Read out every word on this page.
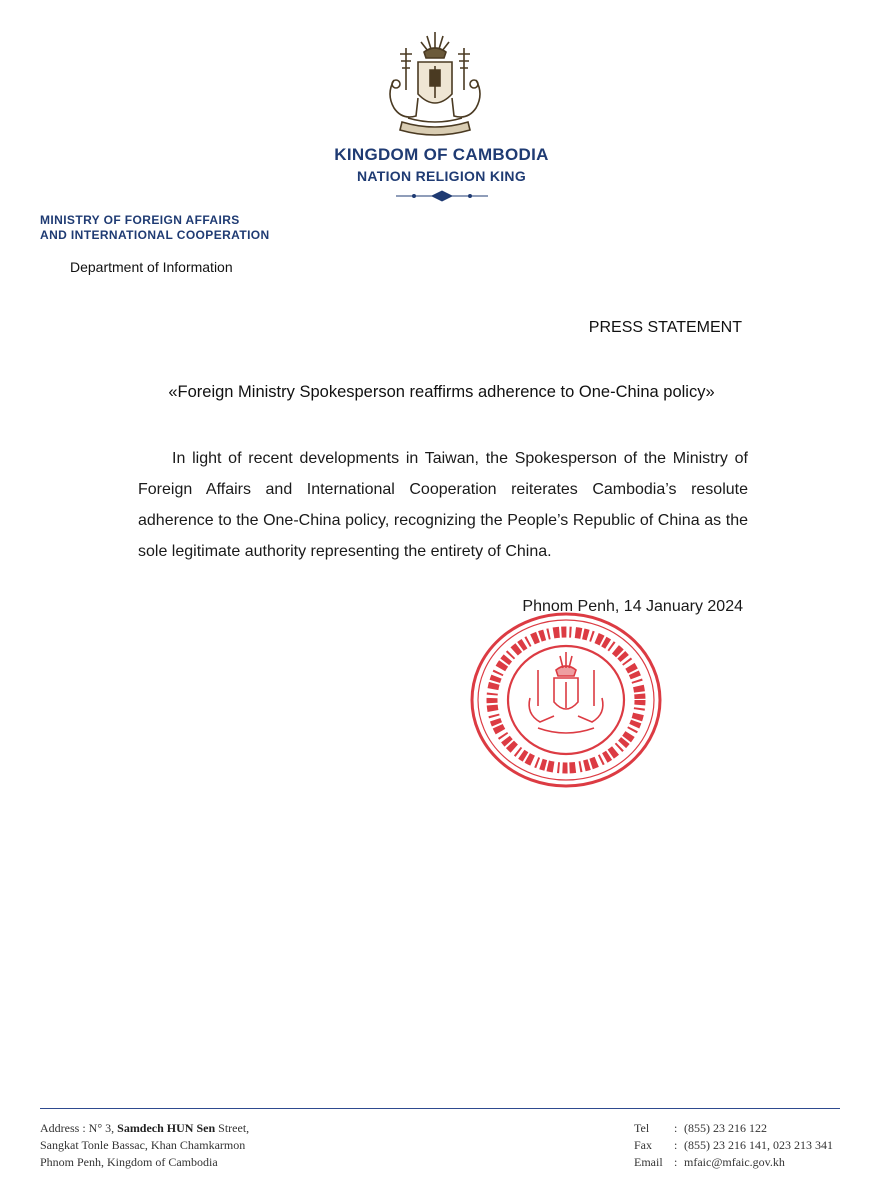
KINGDOM OF CAMBODIA
NATION RELIGION KING
MINISTRY OF FOREIGN AFFAIRS
AND INTERNATIONAL COOPERATION
Department of Information
PRESS STATEMENT
«Foreign Ministry Spokesperson reaffirms adherence to One-China policy»

In light of recent developments in Taiwan, the Spokesperson of the Ministry of Foreign Affairs and International Cooperation reiterates Cambodia’s resolute adherence to the One-China policy, recognizing the People’s Republic of China as the sole legitimate authority representing the entirety of China.

Phnom Penh, 14 January 2024
Address : N° 3, Samdech HUN Sen Street,
Sangkat Tonle Bassac, Khan Chamkarmon
Phnom Penh, Kingdom of Cambodia
Tel	: (855) 23 216 122
Fax	: (855) 23 216 141, 023 213 341
Email : mfaic@mfaic.gov.kh
